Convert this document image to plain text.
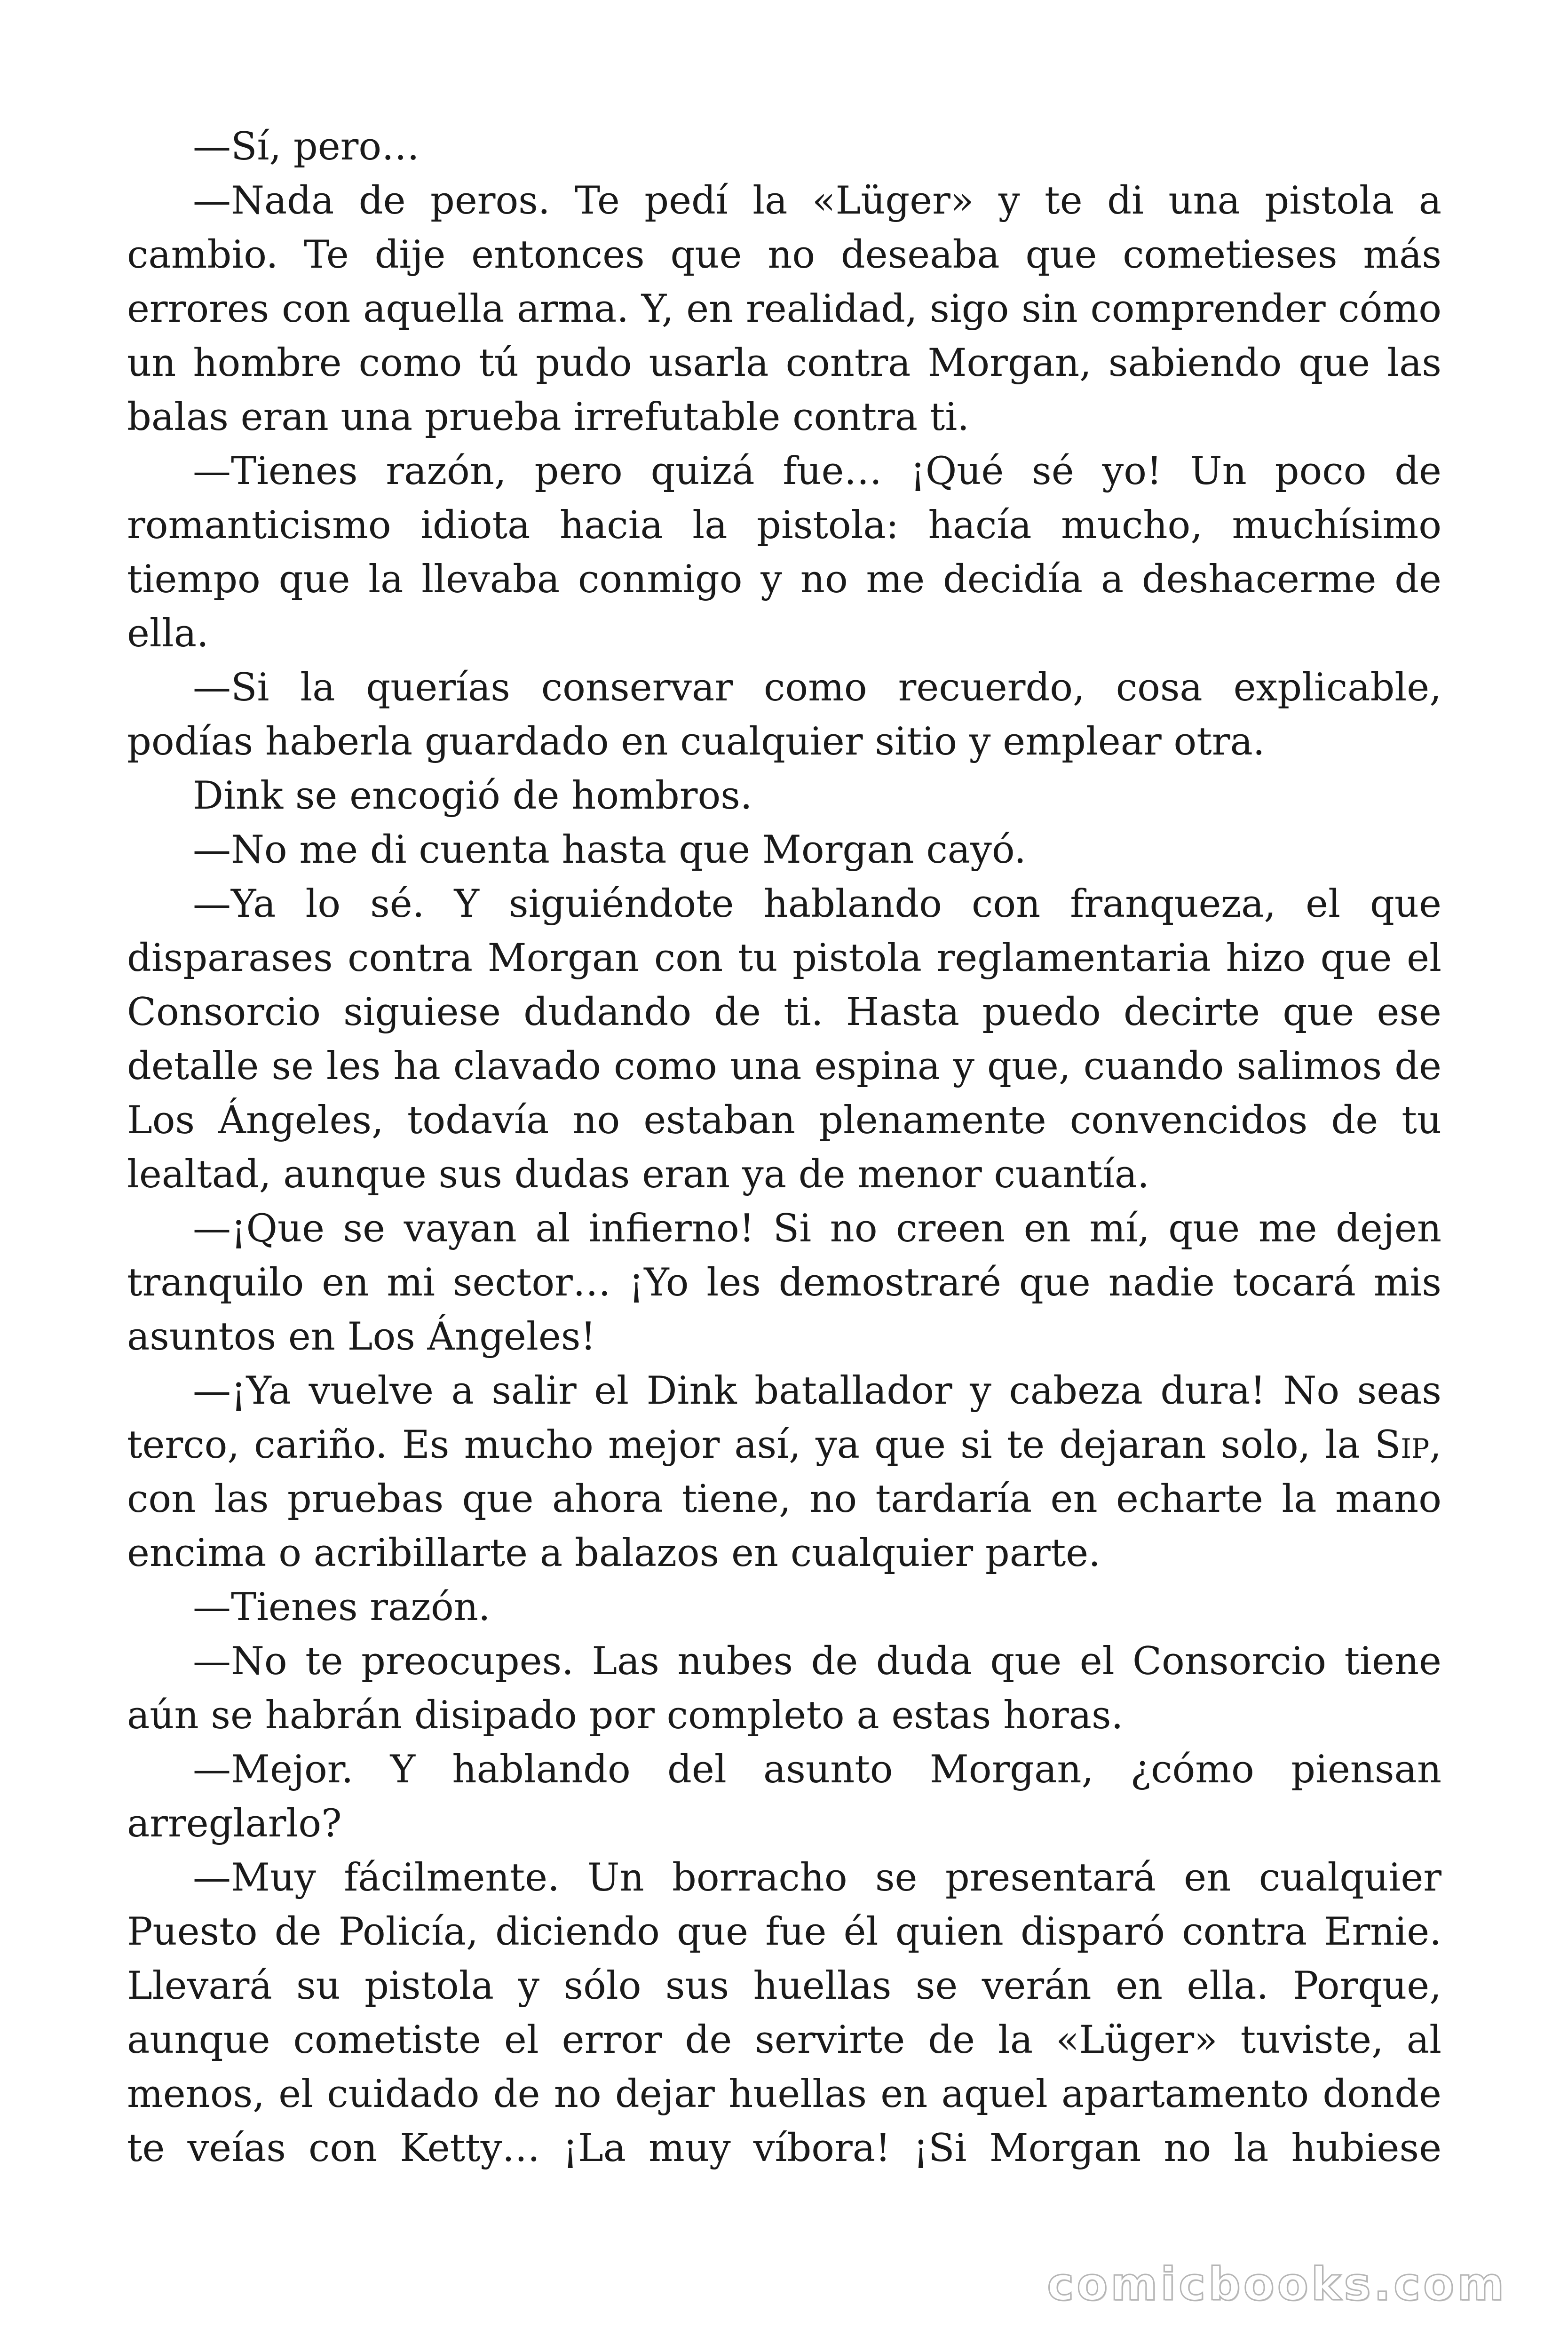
—Sí, pero…

—Nada de peros. Te pedí la «Lüger» y te di una pistola a cambio. Te dije entonces que no deseaba que cometieses más errores con aquella arma. Y, en realidad, sigo sin comprender cómo un hombre como tú pudo usarla contra Morgan, sabiendo que las balas eran una prueba irrefutable contra ti.

—Tienes razón, pero quizá fue… ¡Qué sé yo! Un poco de romanticismo idiota hacia la pistola: hacía mucho, muchísimo tiempo que la llevaba conmigo y no me decidía a deshacerme de ella.

—Si la querías conservar como recuerdo, cosa explicable, podías haberla guardado en cualquier sitio y emplear otra.

Dink se encogió de hombros.

—No me di cuenta hasta que Morgan cayó.

—Ya lo sé. Y siguiéndote hablando con franqueza, el que disparases contra Morgan con tu pistola reglamentaria hizo que el Consorcio siguiese dudando de ti. Hasta puedo decirte que ese detalle se les ha clavado como una espina y que, cuando salimos de Los Ángeles, todavía no estaban plenamente convencidos de tu lealtad, aunque sus dudas eran ya de menor cuantía.

—¡Que se vayan al infierno! Si no creen en mí, que me dejen tranquilo en mi sector… ¡Yo les demostraré que nadie tocará mis asuntos en Los Ángeles!

—¡Ya vuelve a salir el Dink batallador y cabeza dura! No seas terco, cariño. Es mucho mejor así, ya que si te dejaran solo, la Sip, con las pruebas que ahora tiene, no tardaría en echarte la mano encima o acribillarte a balazos en cualquier parte.

—Tienes razón.

—No te preocupes. Las nubes de duda que el Consorcio tiene aún se habrán disipado por completo a estas horas.

—Mejor. Y hablando del asunto Morgan, ¿cómo piensan arreglarlo?

—Muy fácilmente. Un borracho se presentará en cualquier Puesto de Policía, diciendo que fue él quien disparó contra Ernie. Llevará su pistola y sólo sus huellas se verán en ella. Porque, aunque cometiste el error de servirte de la «Lüger» tuviste, al menos, el cuidado de no dejar huellas en aquel apartamento donde te veías con Ketty… ¡La muy víbora! ¡Si Morgan no la hubiese

comicbooks.com
